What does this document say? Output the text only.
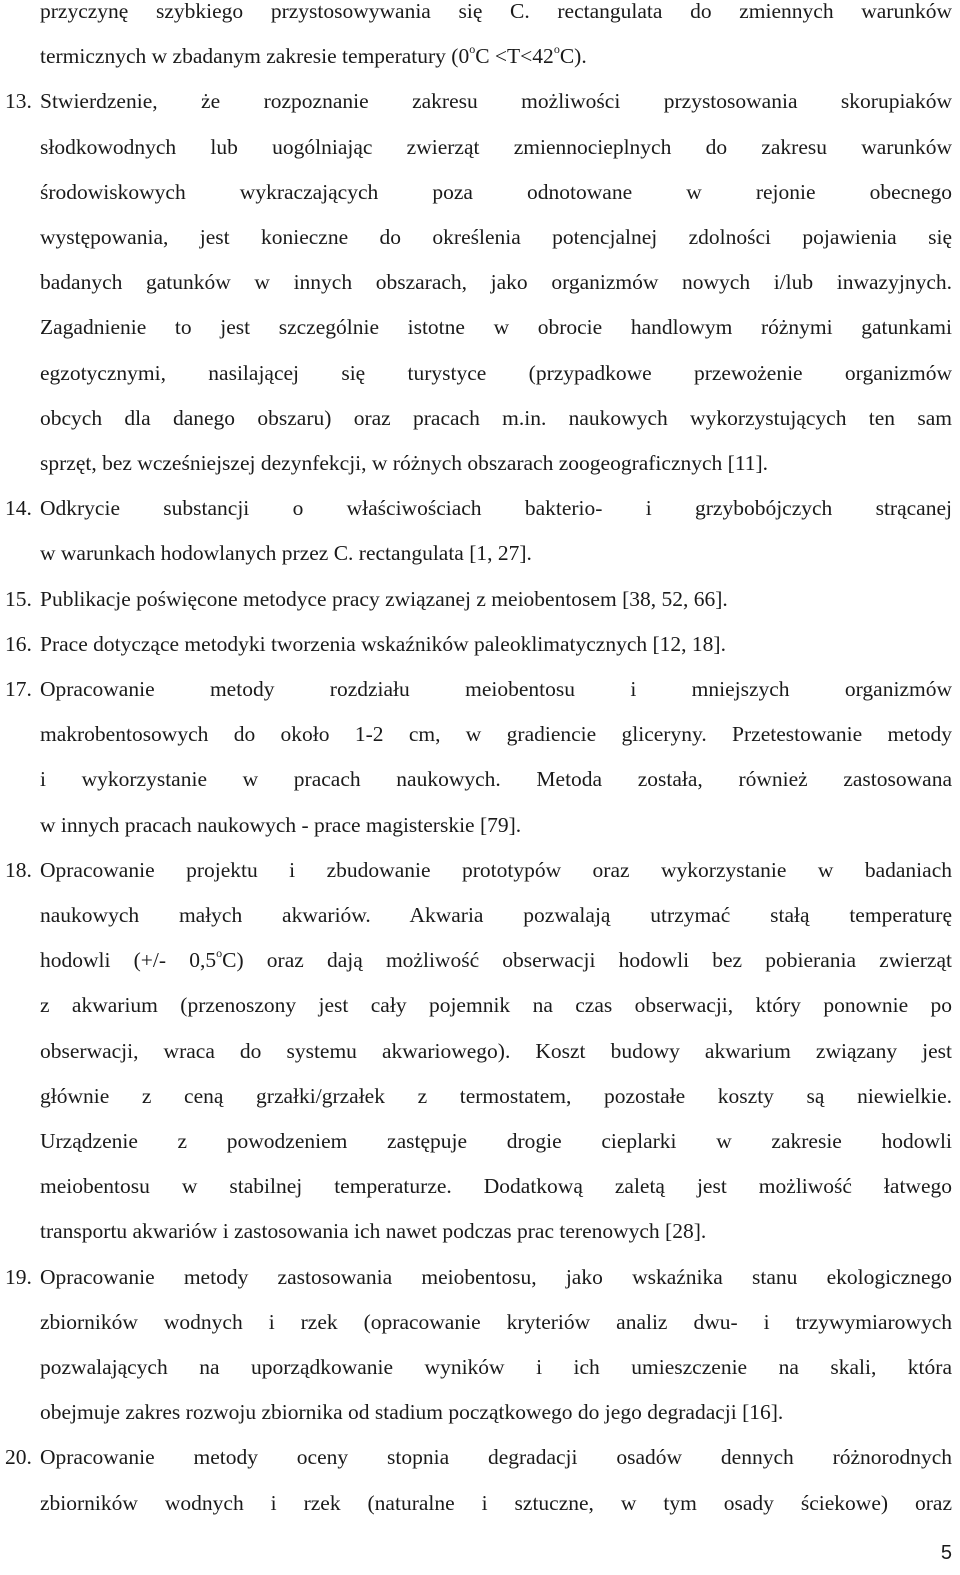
przyczynę szybkiego przystosowywania się C. rectangulata do zmiennych warunków
termicznych w zbadanym zakresie temperatury $(0^oC <T<42^oC)$.
13. Stwierdzenie, że rozpoznanie zakresu możliwości przystosowania skorupiaków
słodkowodnych lub uogólniając zwierząt zmiennocieplnych do zakresu warunków
środowiskowych wykraczających poza odnotowane w rejonie obecnego
występowania, jest konieczne do określenia potencjalnej zdolności pojawienia się
badanych gatunków w innych obszarach, jako organizmów nowych i/lub inwazyjnych.
Zagadnienie to jest szczególnie istotne w obrocie handlowym różnymi gatunkami
egzotycznymi, nasilającej się turystyce (przypadkowe przewożenie organizmów
obcych dla danego obszaru) oraz pracach m.in. naukowych wykorzystujących ten sam
sprzęt, bez wcześniejszej dezynfekcji, w różnych obszarach zoogeograficznych [11].
14. Odkrycie substancji o właściwościach bakterio- i grzybobójczych strącanej
w warunkach hodowlanych przez C. rectangulata [1, 27].
15. Publikacje poświęcone metodyce pracy związanej z meiobentosem [38, 52, 66].
16. Prace dotyczące metodyki tworzenia wskaźników paleoklimatycznych [12, 18].
17. Opracowanie metody rozdziału meiobentosu i mniejszych organizmów
makrobentosowych do około 1-2 cm, w gradiencie gliceryny. Przetestowanie metody
i wykorzystanie w pracach naukowych. Metoda została, również zastosowana
w innych pracach naukowych - prace magisterskie [79].
18. Opracowanie projektu i zbudowanie prototypów oraz wykorzystanie w badaniach
naukowych małych akwariów. Akwaria pozwalają utrzymać stałą temperaturę
hodowli (+/- 0,5$^o$C) oraz dają możliwość obserwacji hodowli bez pobierania zwierząt
z akwarium (przenoszony jest cały pojemnik na czas obserwacji, który ponownie po
obserwacji, wraca do systemu akwariowego). Koszt budowy akwarium związany jest
głównie z ceną grzałki/grzałek z termostatem, pozostałe koszty są niewielkie.
Urządzenie z powodzeniem zastępuje drogie cieplarki w zakresie hodowli
meiobentosu w stabilnej temperaturze. Dodatkową zaletą jest możliwość łatwego
transportu akwariów i zastosowania ich nawet podczas prac terenowych [28].
19. Opracowanie metody zastosowania meiobentosu, jako wskaźnika stanu ekologicznego
zbiorników wodnych i rzek (opracowanie kryteriów analiz dwu- i trzywymiarowych
pozwalających na uporządkowanie wyników i ich umieszczenie na skali, która
obejmuje zakres rozwoju zbiornika od stadium początkowego do jego degradacji [16].
20. Opracowanie metody oceny stopnia degradacji osadów dennych różnorodnych
zbiorników wodnych i rzek (naturalne i sztuczne, w tym osady ściekowe) oraz
5
